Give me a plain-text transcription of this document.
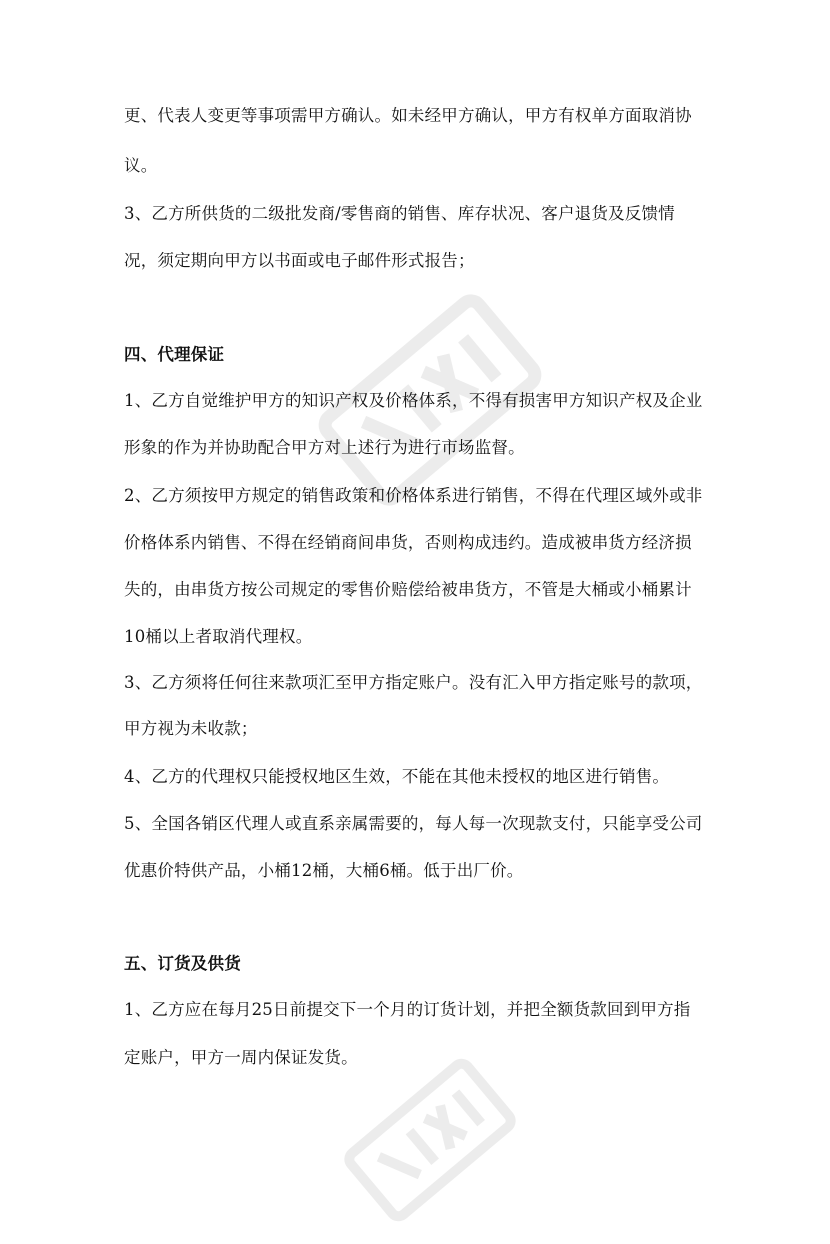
更、代表人变更等事项需甲方确认。如未经甲方确认，甲方有权单方面取消协
议。
3、乙方所供货的二级批发商/零售商的销售、库存状况、客户退货及反馈情
况，须定期向甲方以书面或电子邮件形式报告；
四、代理保证
1、乙方自觉维护甲方的知识产权及价格体系，不得有损害甲方知识产权及企业
形象的作为并协助配合甲方对上述行为进行市场监督。
2、乙方须按甲方规定的销售政策和价格体系进行销售，不得在代理区域外或非
价格体系内销售、不得在经销商间串货，否则构成违约。造成被串货方经济损
失的，由串货方按公司规定的零售价赔偿给被串货方，不管是大桶或小桶累计
10桶以上者取消代理权。
3、乙方须将任何往来款项汇至甲方指定账户。没有汇入甲方指定账号的款项，
甲方视为未收款；
4、乙方的代理权只能授权地区生效，不能在其他未授权的地区进行销售。
5、全国各销区代理人或直系亲属需要的，每人每一次现款支付，只能享受公司
优惠价特供产品，小桶12桶，大桶6桶。低于出厂价。
五、订货及供货
1、乙方应在每月25日前提交下一个月的订货计划，并把全额货款回到甲方指
定账户，甲方一周内保证发货。
